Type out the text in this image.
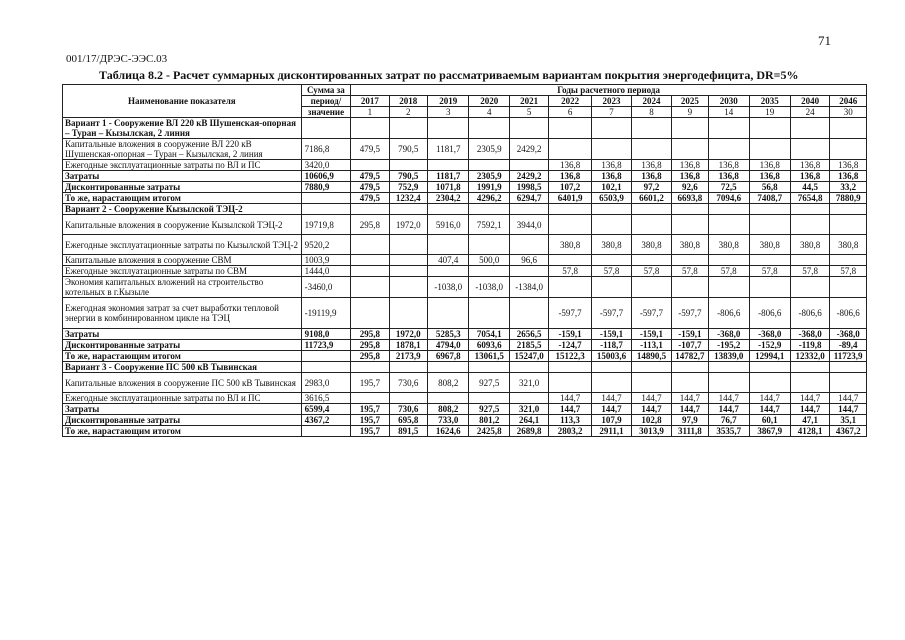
71
001/17/ДРЭС-ЭЭС.03
Таблица 8.2 - Расчет суммарных дисконтированных затрат по рассматриваемым вариантам покрытия энергодефицита, DR=5%
Наименование показателя	Сумма за	Годы расчетного периода												
	период/	2017	2018	2019	2020	2021	2022	2023	2024	2025	2030	2035	2040	2046
	значение	1	2	3	4	5	6	7	8	9	14	19	24	30
Вариант 1 - Сооружение ВЛ 220 кВ Шушенская-опорная – Туран – Кызылская, 2 линия														
Капитальные вложения в сооружение ВЛ 220 кВ Шушенская-опорная – Туран – Кызылская, 2 линия	7186,8	479,5	790,5	1181,7	2305,9	2429,2								
Ежегодные эксплуатационные затраты по ВЛ и ПС	3420,0						136,8	136,8	136,8	136,8	136,8	136,8	136,8	136,8
Затраты	10606,9	479,5	790,5	1181,7	2305,9	2429,2	136,8	136,8	136,8	136,8	136,8	136,8	136,8	136,8
Дисконтированные затраты	7880,9	479,5	752,9	1071,8	1991,9	1998,5	107,2	102,1	97,2	92,6	72,5	56,8	44,5	33,2
То же, нарастающим итогом		479,5	1232,4	2304,2	4296,2	6294,7	6401,9	6503,9	6601,2	6693,8	7094,6	7408,7	7654,8	7880,9
Вариант 2 - Сооружение Кызылской ТЭЦ-2														
Капитальные вложения в сооружение Кызылской ТЭЦ-2	19719,8	295,8	1972,0	5916,0	7592,1	3944,0								
Ежегодные эксплуатационные затраты по Кызылской ТЭЦ-2	9520,2						380,8	380,8	380,8	380,8	380,8	380,8	380,8	380,8
Капитальные вложения в сооружение СВМ	1003,9			407,4	500,0	96,6								
Ежегодные эксплуатационные затраты по СВМ	1444,0						57,8	57,8	57,8	57,8	57,8	57,8	57,8	57,8
Экономия капитальных вложений на строительство котельных в г.Кызыле	-3460,0			-1038,0	-1038,0	-1384,0								
Ежегодная экономия затрат за счет выработки тепловой энергии в комбинированном цикле на ТЭЦ	-19119,9						-597,7	-597,7	-597,7	-597,7	-806,6	-806,6	-806,6	-806,6
Затраты	9108,0	295,8	1972,0	5285,3	7054,1	2656,5	-159,1	-159,1	-159,1	-159,1	-368,0	-368,0	-368,0	-368,0
Дисконтированные затраты	11723,9	295,8	1878,1	4794,0	6093,6	2185,5	-124,7	-118,7	-113,1	-107,7	-195,2	-152,9	-119,8	-89,4
То же, нарастающим итогом		295,8	2173,9	6967,8	13061,5	15247,0	15122,3	15003,6	14890,5	14782,7	13839,0	12994,1	12332,0	11723,9
Вариант 3 - Сооружение ПС 500 кВ Тывинская														
Капитальные вложения в сооружение ПС 500 кВ Тывинская	2983,0	195,7	730,6	808,2	927,5	321,0								
Ежегодные эксплуатационные затраты по ВЛ и ПС	3616,5						144,7	144,7	144,7	144,7	144,7	144,7	144,7	144,7
Затраты	6599,4	195,7	730,6	808,2	927,5	321,0	144,7	144,7	144,7	144,7	144,7	144,7	144,7	144,7
Дисконтированные затраты	4367,2	195,7	695,8	733,0	801,2	264,1	113,3	107,9	102,8	97,9	76,7	60,1	47,1	35,1
То же, нарастающим итогом		195,7	891,5	1624,6	2425,8	2689,8	2803,2	2911,1	3013,9	3111,8	3535,7	3867,9	4128,1	4367,2
